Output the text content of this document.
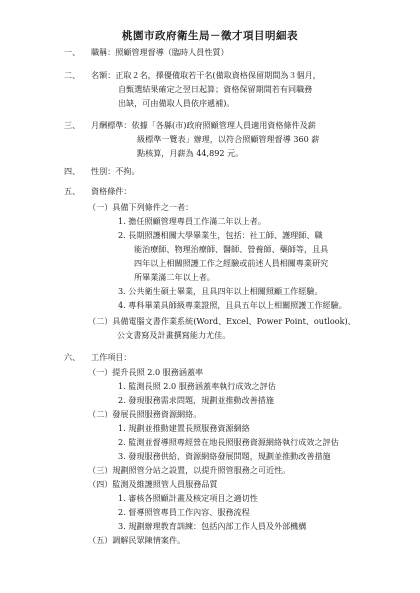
桃園市政府衛生局－徵才項目明細表
一、 職稱：照顧管理督導（臨時人員性質）
二、 名額：正取２名，擇優備取若干名(備取資格保留期間為３個月，
自甄選結果確定之翌日起算；資格保留期間若有同職務
出缺，可由備取人員依序遞補)。
三、 月酬標準：依據「各縣(市)政府照顧管理人員適用資格條件及薪
級標準一覽表」辦理，以符合照顧管理督導 360 薪
點核算，月薪為 44,892 元。
四、 性別：不拘。
五、 資格條件：
（一）具備下列條件之一者：
1. 擔任照顧管理專員工作滿二年以上者。
2. 長期照護相關大學畢業生，包括：社工師、護理師、職
能治療師、物理治療師、醫師、營養師、藥師等，且具
四年以上相關照護工作之經驗或前述人員相關專業研究
所畢業滿二年以上者。
3. 公共衛生碩士畢業，且具四年以上相關照顧工作經驗。
4. 專科畢業具師級專業證照，且具五年以上相關照護工作經驗。
（二）具備電腦文書作業系統(Word、Excel、Power Point、outlook)、
公文書寫及計畫撰寫能力尤佳。
六、 工作項目：
（一）提升長照 2.0 服務涵蓋率
1. 監測長照 2.0 服務涵蓋率執行成效之評估
2. 發現服務需求問題，規劃並推動改善措施
（二）發展長照服務資源網絡。
1. 規劃並推動建置長照服務資源網絡
2. 監測並督導照專經營在地長照服務資源網絡執行成效之評估
3. 發現服務供給、資源網絡發展問題，規劃並推動改善措施
（三）規劃照管分站之設置，以提升照管服務之可近性。
（四）監測及維護照管人員服務品質
1. 審核各照顧計畫及核定項目之適切性
2. 督導照管專員工作內容、服務流程
3. 規劃辦理教育訓練：包括內部工作人員及外部機構
（五）調解民眾陳情案件。
